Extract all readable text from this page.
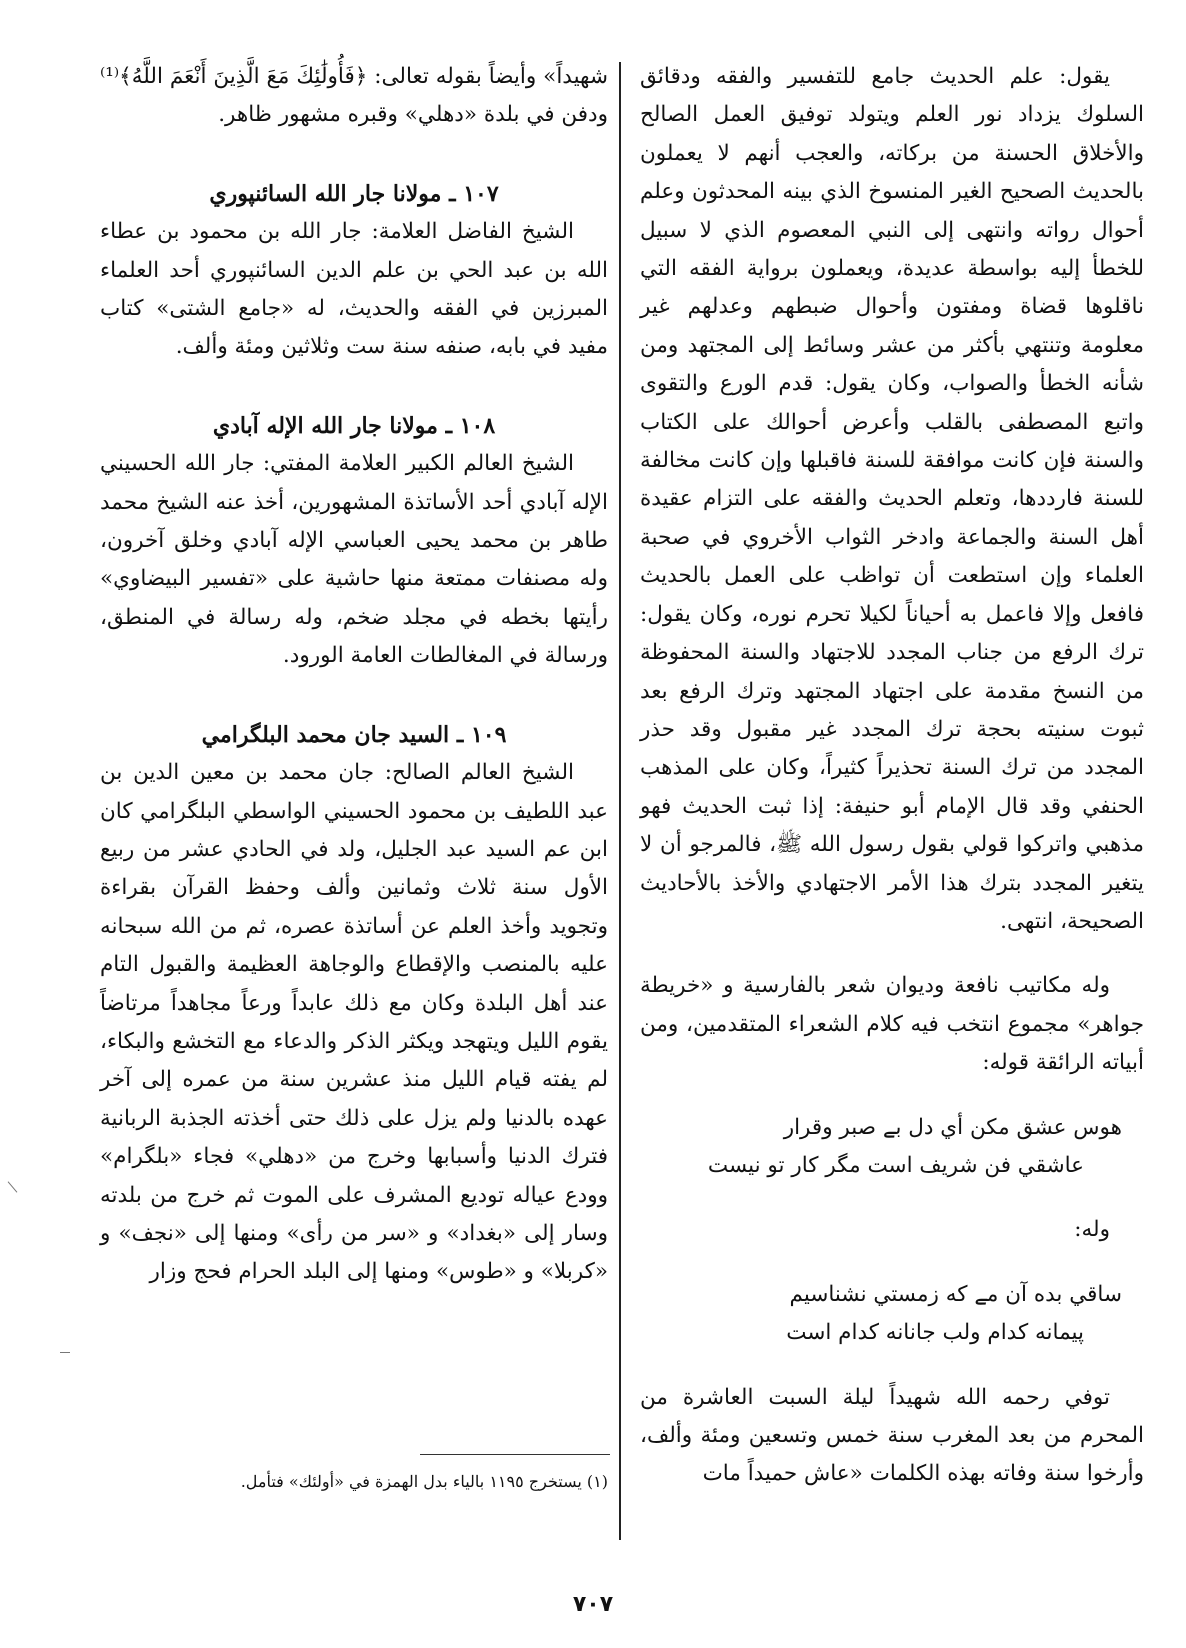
يقول: علم الحديث جامع للتفسير والفقه ودقائق السلوك يزداد نور العلم ويتولد توفيق العمل الصالح والأخلاق الحسنة من بركاته، والعجب أنهم لا يعملون بالحديث الصحيح الغير المنسوخ الذي بينه المحدثون وعلم أحوال رواته وانتهى إلى النبي المعصوم الذي لا سبيل للخطأ إليه بواسطة عديدة، ويعملون برواية الفقه التي ناقلوها قضاة ومفتون وأحوال ضبطهم وعدلهم غير معلومة وتنتهي بأكثر من عشر وسائط إلى المجتهد ومن شأنه الخطأ والصواب، وكان يقول: قدم الورع والتقوى واتبع المصطفى بالقلب وأعرض أحوالك على الكتاب والسنة فإن كانت موافقة للسنة فاقبلها وإن كانت مخالفة للسنة فارددها، وتعلم الحديث والفقه على التزام عقيدة أهل السنة والجماعة وادخر الثواب الأخروي في صحبة العلماء وإن استطعت أن تواظب على العمل بالحديث فافعل وإلا فاعمل به أحياناً لكيلا تحرم نوره، وكان يقول: ترك الرفع من جناب المجدد للاجتهاد والسنة المحفوظة من النسخ مقدمة على اجتهاد المجتهد وترك الرفع بعد ثبوت سنيته بحجة ترك المجدد غير مقبول وقد حذر المجدد من ترك السنة تحذيراً كثيراً، وكان على المذهب الحنفي وقد قال الإمام أبو حنيفة: إذا ثبت الحديث فهو مذهبي واتركوا قولي بقول رسول الله ﷺ، فالمرجو أن لا يتغير المجدد بترك هذا الأمر الاجتهادي والأخذ بالأحاديث الصحيحة، انتهى.

وله مكاتيب نافعة وديوان شعر بالفارسية و «خريطة جواهر» مجموع انتخب فيه كلام الشعراء المتقدمين، ومن أبياته الرائقة قوله:

هوس عشق مكن أي دل بے صبر وقرار

عاشقي فن شريف است مگر كار تو نيست

وله:

ساقي بده آن مے كه زمستي نشناسيم

پيمانه كدام ولب جانانه كدام است

توفي رحمه الله شهيداً ليلة السبت العاشرة من المحرم من بعد المغرب سنة خمس وتسعين ومئة وألف، وأرخوا سنة وفاته بهذه الكلمات «عاش حميداً مات

شهيداً» وأيضاً بقوله تعالى: ﴿فَأُولَٰئِكَ مَعَ الَّذِينَ أَنْعَمَ اللَّهُ﴾⁽¹⁾ ودفن في بلدة «دهلي» وقبره مشهور ظاهر.

١٠٧ ـ مولانا جار الله السائنپوري

الشيخ الفاضل العلامة: جار الله بن محمود بن عطاء الله بن عبد الحي بن علم الدين السائنپوري أحد العلماء المبرزين في الفقه والحديث، له «جامع الشتى» كتاب مفيد في بابه، صنفه سنة ست وثلاثين ومئة وألف.

١٠٨ ـ مولانا جار الله الإله آبادي

الشيخ العالم الكبير العلامة المفتي: جار الله الحسيني الإله آبادي أحد الأساتذة المشهورين، أخذ عنه الشيخ محمد طاهر بن محمد يحيى العباسي الإله آبادي وخلق آخرون، وله مصنفات ممتعة منها حاشية على «تفسير البيضاوي» رأيتها بخطه في مجلد ضخم، وله رسالة في المنطق، ورسالة في المغالطات العامة الورود.

١٠٩ ـ السيد جان محمد البلگرامي

الشيخ العالم الصالح: جان محمد بن معين الدين بن عبد اللطيف بن محمود الحسيني الواسطي البلگرامي كان ابن عم السيد عبد الجليل، ولد في الحادي عشر من ربيع الأول سنة ثلاث وثمانين وألف وحفظ القرآن بقراءة وتجويد وأخذ العلم عن أساتذة عصره، ثم من الله سبحانه عليه بالمنصب والإقطاع والوجاهة العظيمة والقبول التام عند أهل البلدة وكان مع ذلك عابداً ورعاً مجاهداً مرتاضاً يقوم الليل ويتهجد ويكثر الذكر والدعاء مع التخشع والبكاء، لم يفته قيام الليل منذ عشرين سنة من عمره إلى آخر عهده بالدنيا ولم يزل على ذلك حتى أخذته الجذبة الربانية فترك الدنيا وأسبابها وخرج من «دهلي» فجاء «بلگرام» وودع عياله توديع المشرف على الموت ثم خرج من بلدته وسار إلى «بغداد» و «سر من رأى» ومنها إلى «نجف» و «كربلا» و «طوس» ومنها إلى البلد الحرام فحج وزار

(١) يستخرج ١١٩٥ بالياء بدل الهمزة في «أولئك» فتأمل.
٧٠٧
